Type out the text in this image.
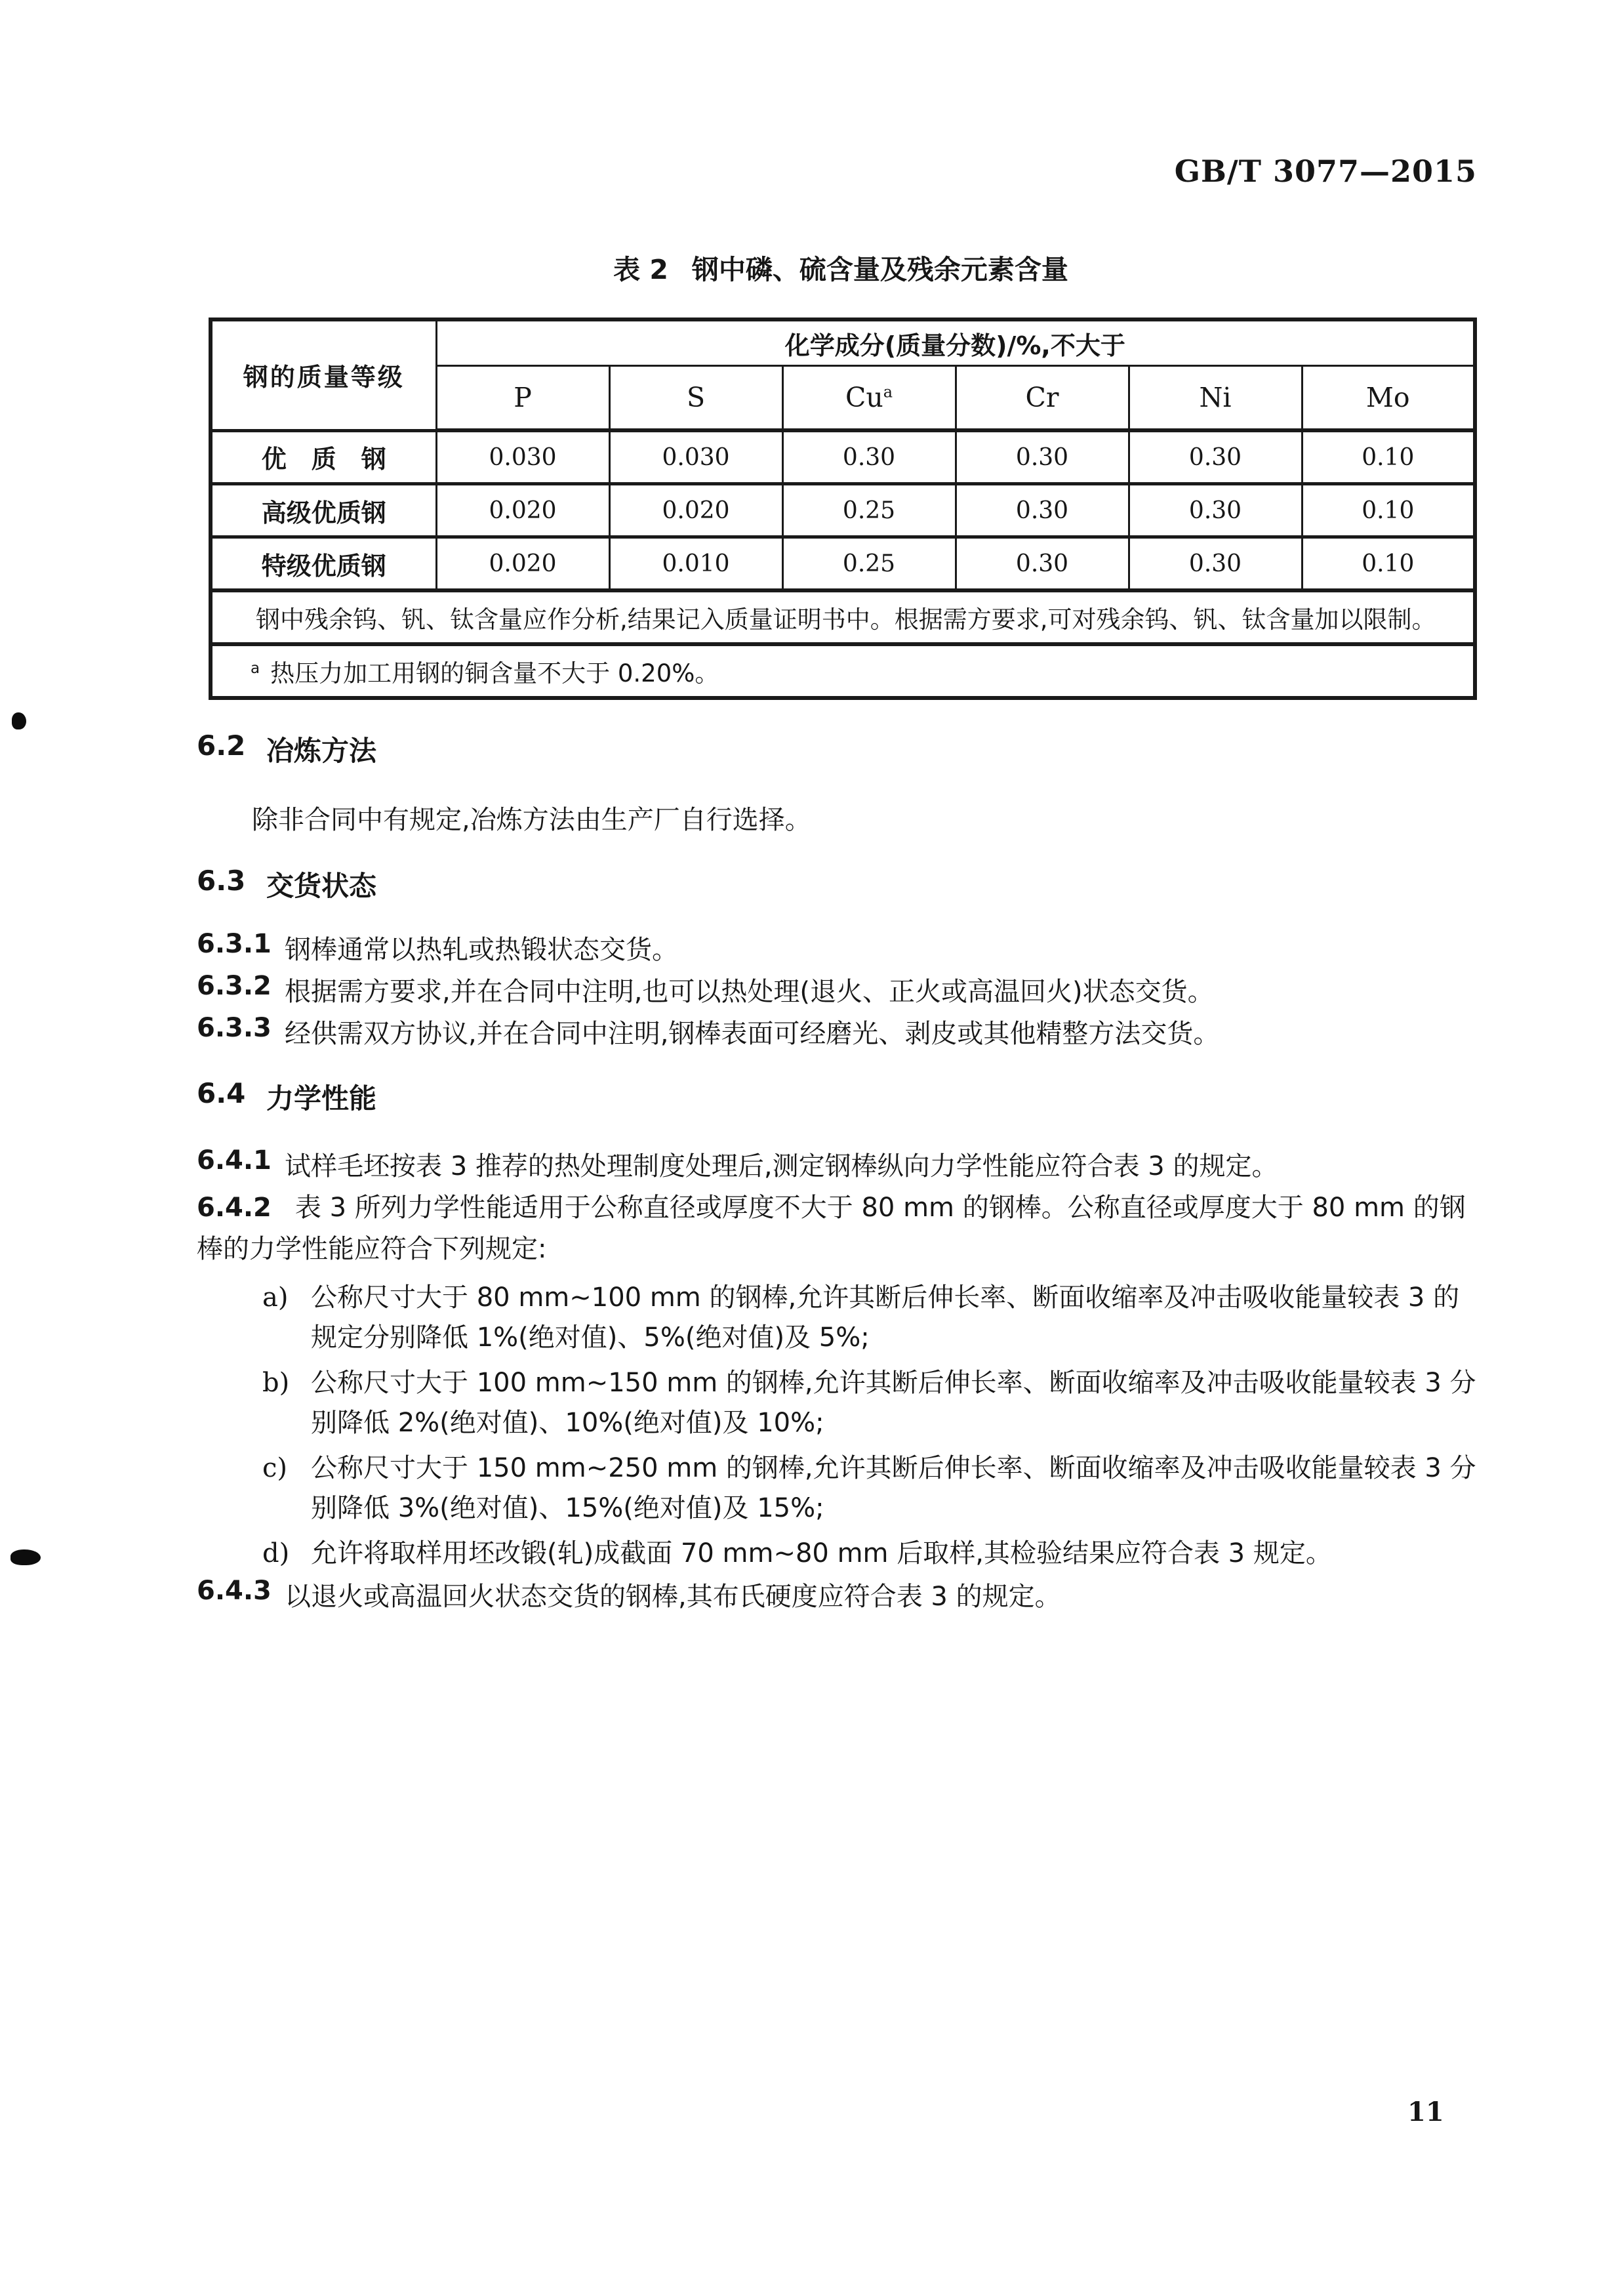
GB/T 3077—2015
表 2 钢中磷、硫含量及残余元素含量
钢的质量等级	化学成分(质量分数)/%,不大于					
	P	S	Cu$^a$	Cr	Ni	Mo
优　质　钢	0.030	0.030	0.30	0.30	0.30	0.10
高级优质钢	0.020	0.020	0.25	0.30	0.30	0.10
特级优质钢	0.020	0.010	0.25	0.30	0.30	0.10
钢中残余钨、钒、钛含量应作分析,结果记入质量证明书中。根据需方要求,可对残余钨、钒、钛含量加以限制。						
$^a$ 热压力加工用钢的铜含量不大于 0.20%。						
6.2 冶炼方法
除非合同中有规定,冶炼方法由生产厂自行选择。
6.3 交货状态
6.3.1 钢棒通常以热轧或热锻状态交货。
6.3.2 根据需方要求,并在合同中注明,也可以热处理(退火、正火或高温回火)状态交货。
6.3.3 经供需双方协议,并在合同中注明,钢棒表面可经磨光、剥皮或其他精整方法交货。
6.4 力学性能
6.4.1 试样毛坯按表 3 推荐的热处理制度处理后,测定钢棒纵向力学性能应符合表 3 的规定。
6.4.2 表 3 所列力学性能适用于公称直径或厚度不大于 80 mm 的钢棒。公称直径或厚度大于 80 mm 的钢棒的力学性能应符合下列规定:
a) 公称尺寸大于 80 mm~100 mm 的钢棒,允许其断后伸长率、断面收缩率及冲击吸收能量较表 3 的规定分别降低 1%(绝对值)、5%(绝对值)及 5%;
b) 公称尺寸大于 100 mm~150 mm 的钢棒,允许其断后伸长率、断面收缩率及冲击吸收能量较表 3 分别降低 2%(绝对值)、10%(绝对值)及 10%;
c) 公称尺寸大于 150 mm~250 mm 的钢棒,允许其断后伸长率、断面收缩率及冲击吸收能量较表 3 分别降低 3%(绝对值)、15%(绝对值)及 15%;
d) 允许将取样用坯改锻(轧)成截面 70 mm~80 mm 后取样,其检验结果应符合表 3 规定。
6.4.3 以退火或高温回火状态交货的钢棒,其布氏硬度应符合表 3 的规定。
11
